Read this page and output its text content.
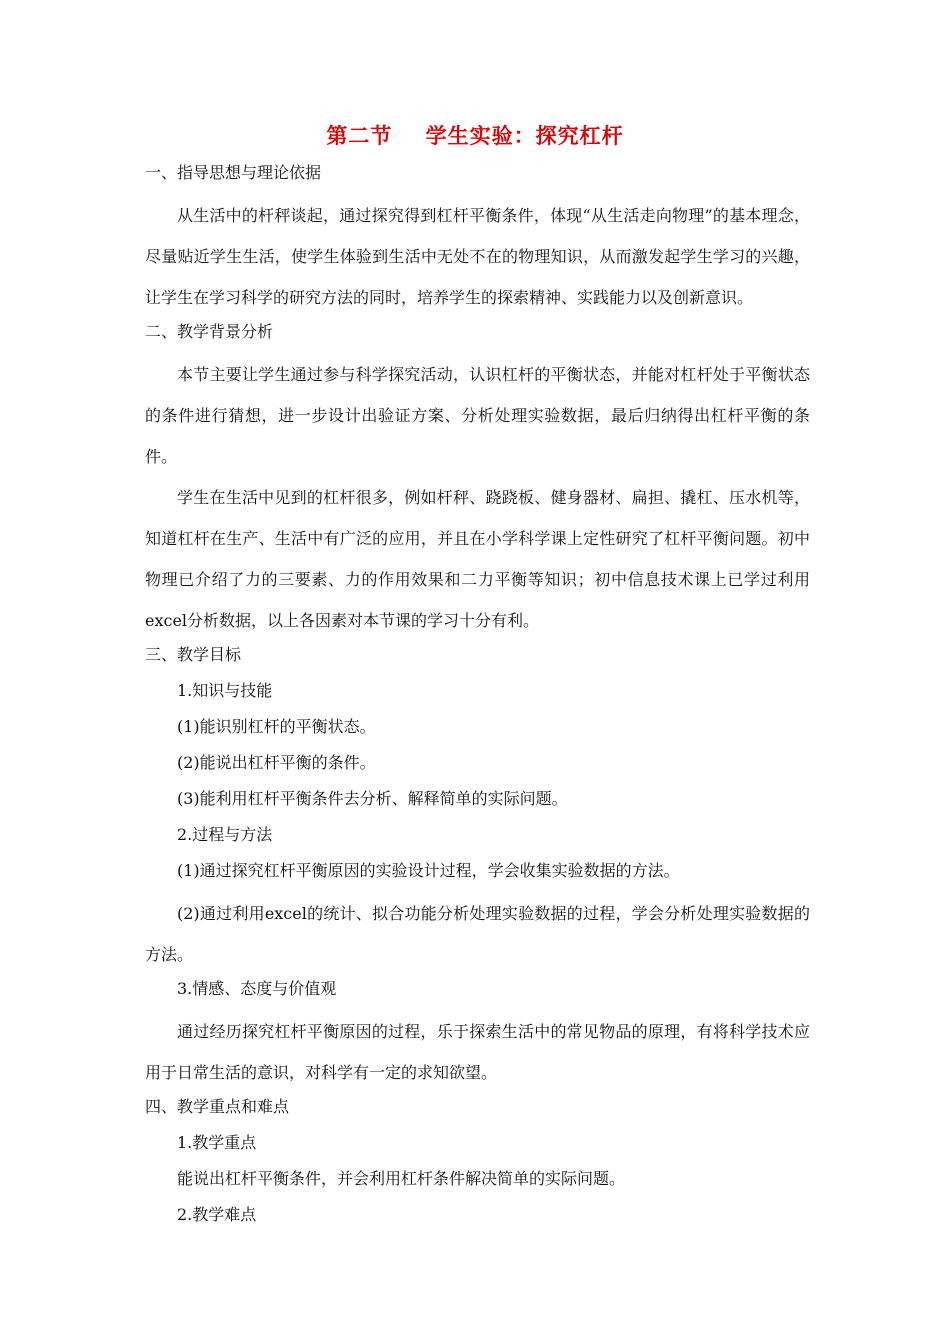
第二节    学生实验：探究杠杆

一、指导思想与理论依据

从生活中的杆秤谈起，通过探究得到杠杆平衡条件，体现“从生活走向物理”的基本理念，尽量贴近学生生活，使学生体验到生活中无处不在的物理知识，从而激发起学生学习的兴趣，让学生在学习科学的研究方法的同时，培养学生的探索精神、实践能力以及创新意识。

二、教学背景分析

本节主要让学生通过参与科学探究活动，认识杠杆的平衡状态，并能对杠杆处于平衡状态的条件进行猜想，进一步设计出验证方案、分析处理实验数据，最后归纳得出杠杆平衡的条件。

学生在生活中见到的杠杆很多，例如杆秤、跷跷板、健身器材、扁担、撬杠、压水机等，知道杠杆在生产、生活中有广泛的应用，并且在小学科学课上定性研究了杠杆平衡问题。初中物理已介绍了力的三要素、力的作用效果和二力平衡等知识；初中信息技术课上已学过利用excel分析数据，以上各因素对本节课的学习十分有利。

三、教学目标

1.知识与技能

(1)能识别杠杆的平衡状态。

(2)能说出杠杆平衡的条件。

(3)能利用杠杆平衡条件去分析、解释简单的实际问题。

2.过程与方法

(1)通过探究杠杆平衡原因的实验设计过程，学会收集实验数据的方法。

(2)通过利用excel的统计、拟合功能分析处理实验数据的过程，学会分析处理实验数据的方法。

3.情感、态度与价值观

通过经历探究杠杆平衡原因的过程，乐于探索生活中的常见物品的原理，有将科学技术应用于日常生活的意识，对科学有一定的求知欲望。

四、教学重点和难点

1.教学重点

能说出杠杆平衡条件，并会利用杠杆条件解决简单的实际问题。

2.教学难点
